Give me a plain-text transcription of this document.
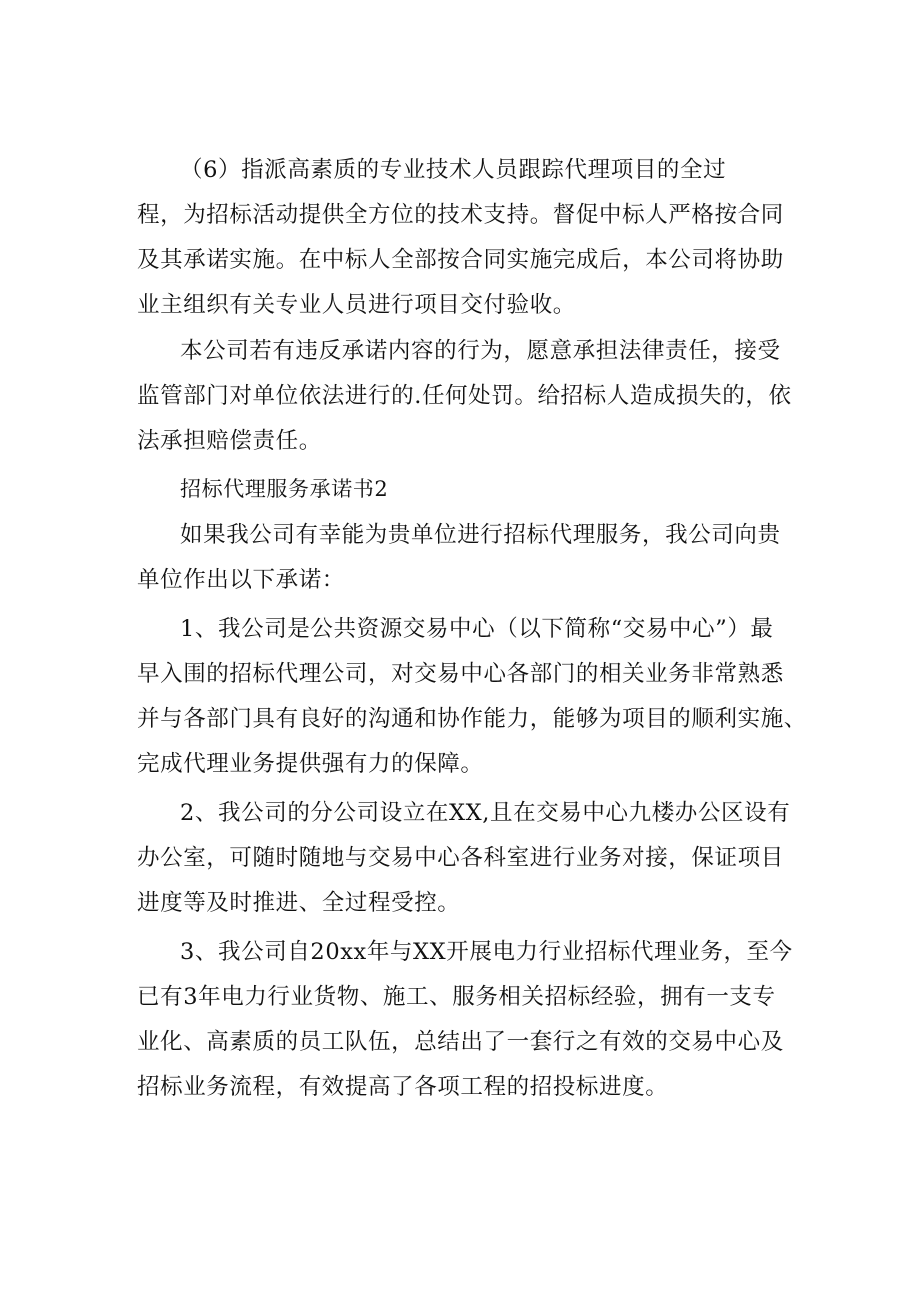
（6）指派高素质的专业技术人员跟踪代理项目的全过

程，为招标活动提供全方位的技术支持。督促中标人严格按合同

及其承诺实施。在中标人全部按合同实施完成后，本公司将协助

业主组织有关专业人员进行项目交付验收。

本公司若有违反承诺内容的行为，愿意承担法律责任，接受

监管部门对单位依法进行的.任何处罚。给招标人造成损失的，依

法承担赔偿责任。

招标代理服务承诺书2

如果我公司有幸能为贵单位进行招标代理服务，我公司向贵

单位作出以下承诺：

1、我公司是公共资源交易中心（以下简称“交易中心”）最

早入围的招标代理公司，对交易中心各部门的相关业务非常熟悉

并与各部门具有良好的沟通和协作能力，能够为项目的顺利实施、

完成代理业务提供强有力的保障。

2、我公司的分公司设立在XX,且在交易中心九楼办公区设有

办公室，可随时随地与交易中心各科室进行业务对接，保证项目

进度等及时推进、全过程受控。

3、我公司自20xx年与XX开展电力行业招标代理业务，至今

已有3年电力行业货物、施工、服务相关招标经验，拥有一支专

业化、高素质的员工队伍，总结出了一套行之有效的交易中心及

招标业务流程，有效提高了各项工程的招投标进度。
